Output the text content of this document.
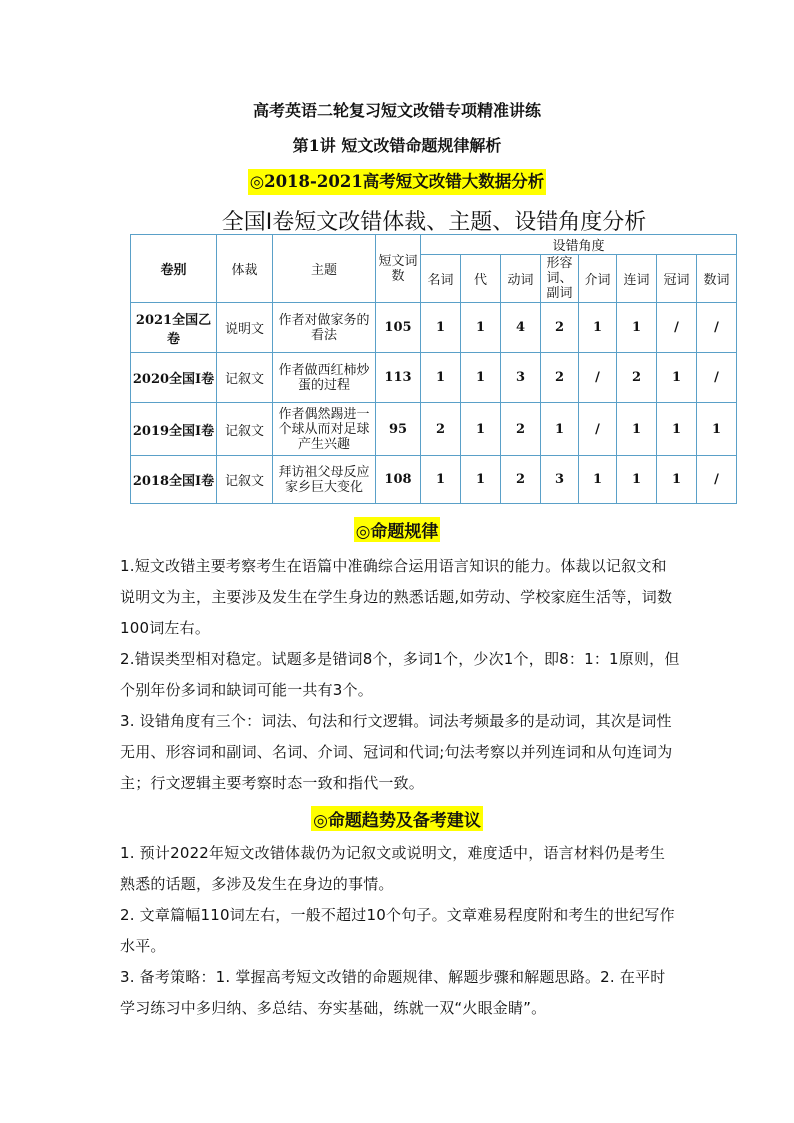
高考英语二轮复习短文改错专项精准讲练
第1讲 短文改错命题规律解析
◎2018-2021高考短文改错大数据分析
全国Ⅰ卷短文改错体裁、主题、设错角度分析
卷别	体裁	主题	短文词数	设错角度							
				名词	代	动词	形容词、副词	介词	连词	冠词	数词
2021全国乙卷	说明文	作者对做家务的看法	105	1	1	4	2	1	1	/	/
2020全国Ⅰ卷	记叙文	作者做西红柿炒蛋的过程	113	1	1	3	2	/	2	1	/
2019全国Ⅰ卷	记叙文	作者偶然踢进一个球从而对足球产生兴趣	95	2	1	2	1	/	1	1	1
2018全国Ⅰ卷	记叙文	拜访祖父母反应家乡巨大变化	108	1	1	2	3	1	1	1	/
◎命题规律

1.短文改错主要考察考生在语篇中准确综合运用语言知识的能力。体裁以记叙文和说明文为主，主要涉及发生在学生身边的熟悉话题,如劳动、学校家庭生活等，词数100词左右。

2.错误类型相对稳定。试题多是错词8个，多词1个，少次1个，即8：1：1原则，但个别年份多词和缺词可能一共有3个。

3. 设错角度有三个：词法、句法和行文逻辑。词法考频最多的是动词，其次是词性无用、形容词和副词、名词、介词、冠词和代词;句法考察以并列连词和从句连词为主；行文逻辑主要考察时态一致和指代一致。

◎命题趋势及备考建议

1. 预计2022年短文改错体裁仍为记叙文或说明文，难度适中，语言材料仍是考生熟悉的话题，多涉及发生在身边的事情。

2. 文章篇幅110词左右，一般不超过10个句子。文章难易程度附和考生的世纪写作水平。

3. 备考策略：1. 掌握高考短文改错的命题规律、解题步骤和解题思路。2. 在平时学习练习中多归纳、多总结、夯实基础，练就一双“火眼金睛”。
